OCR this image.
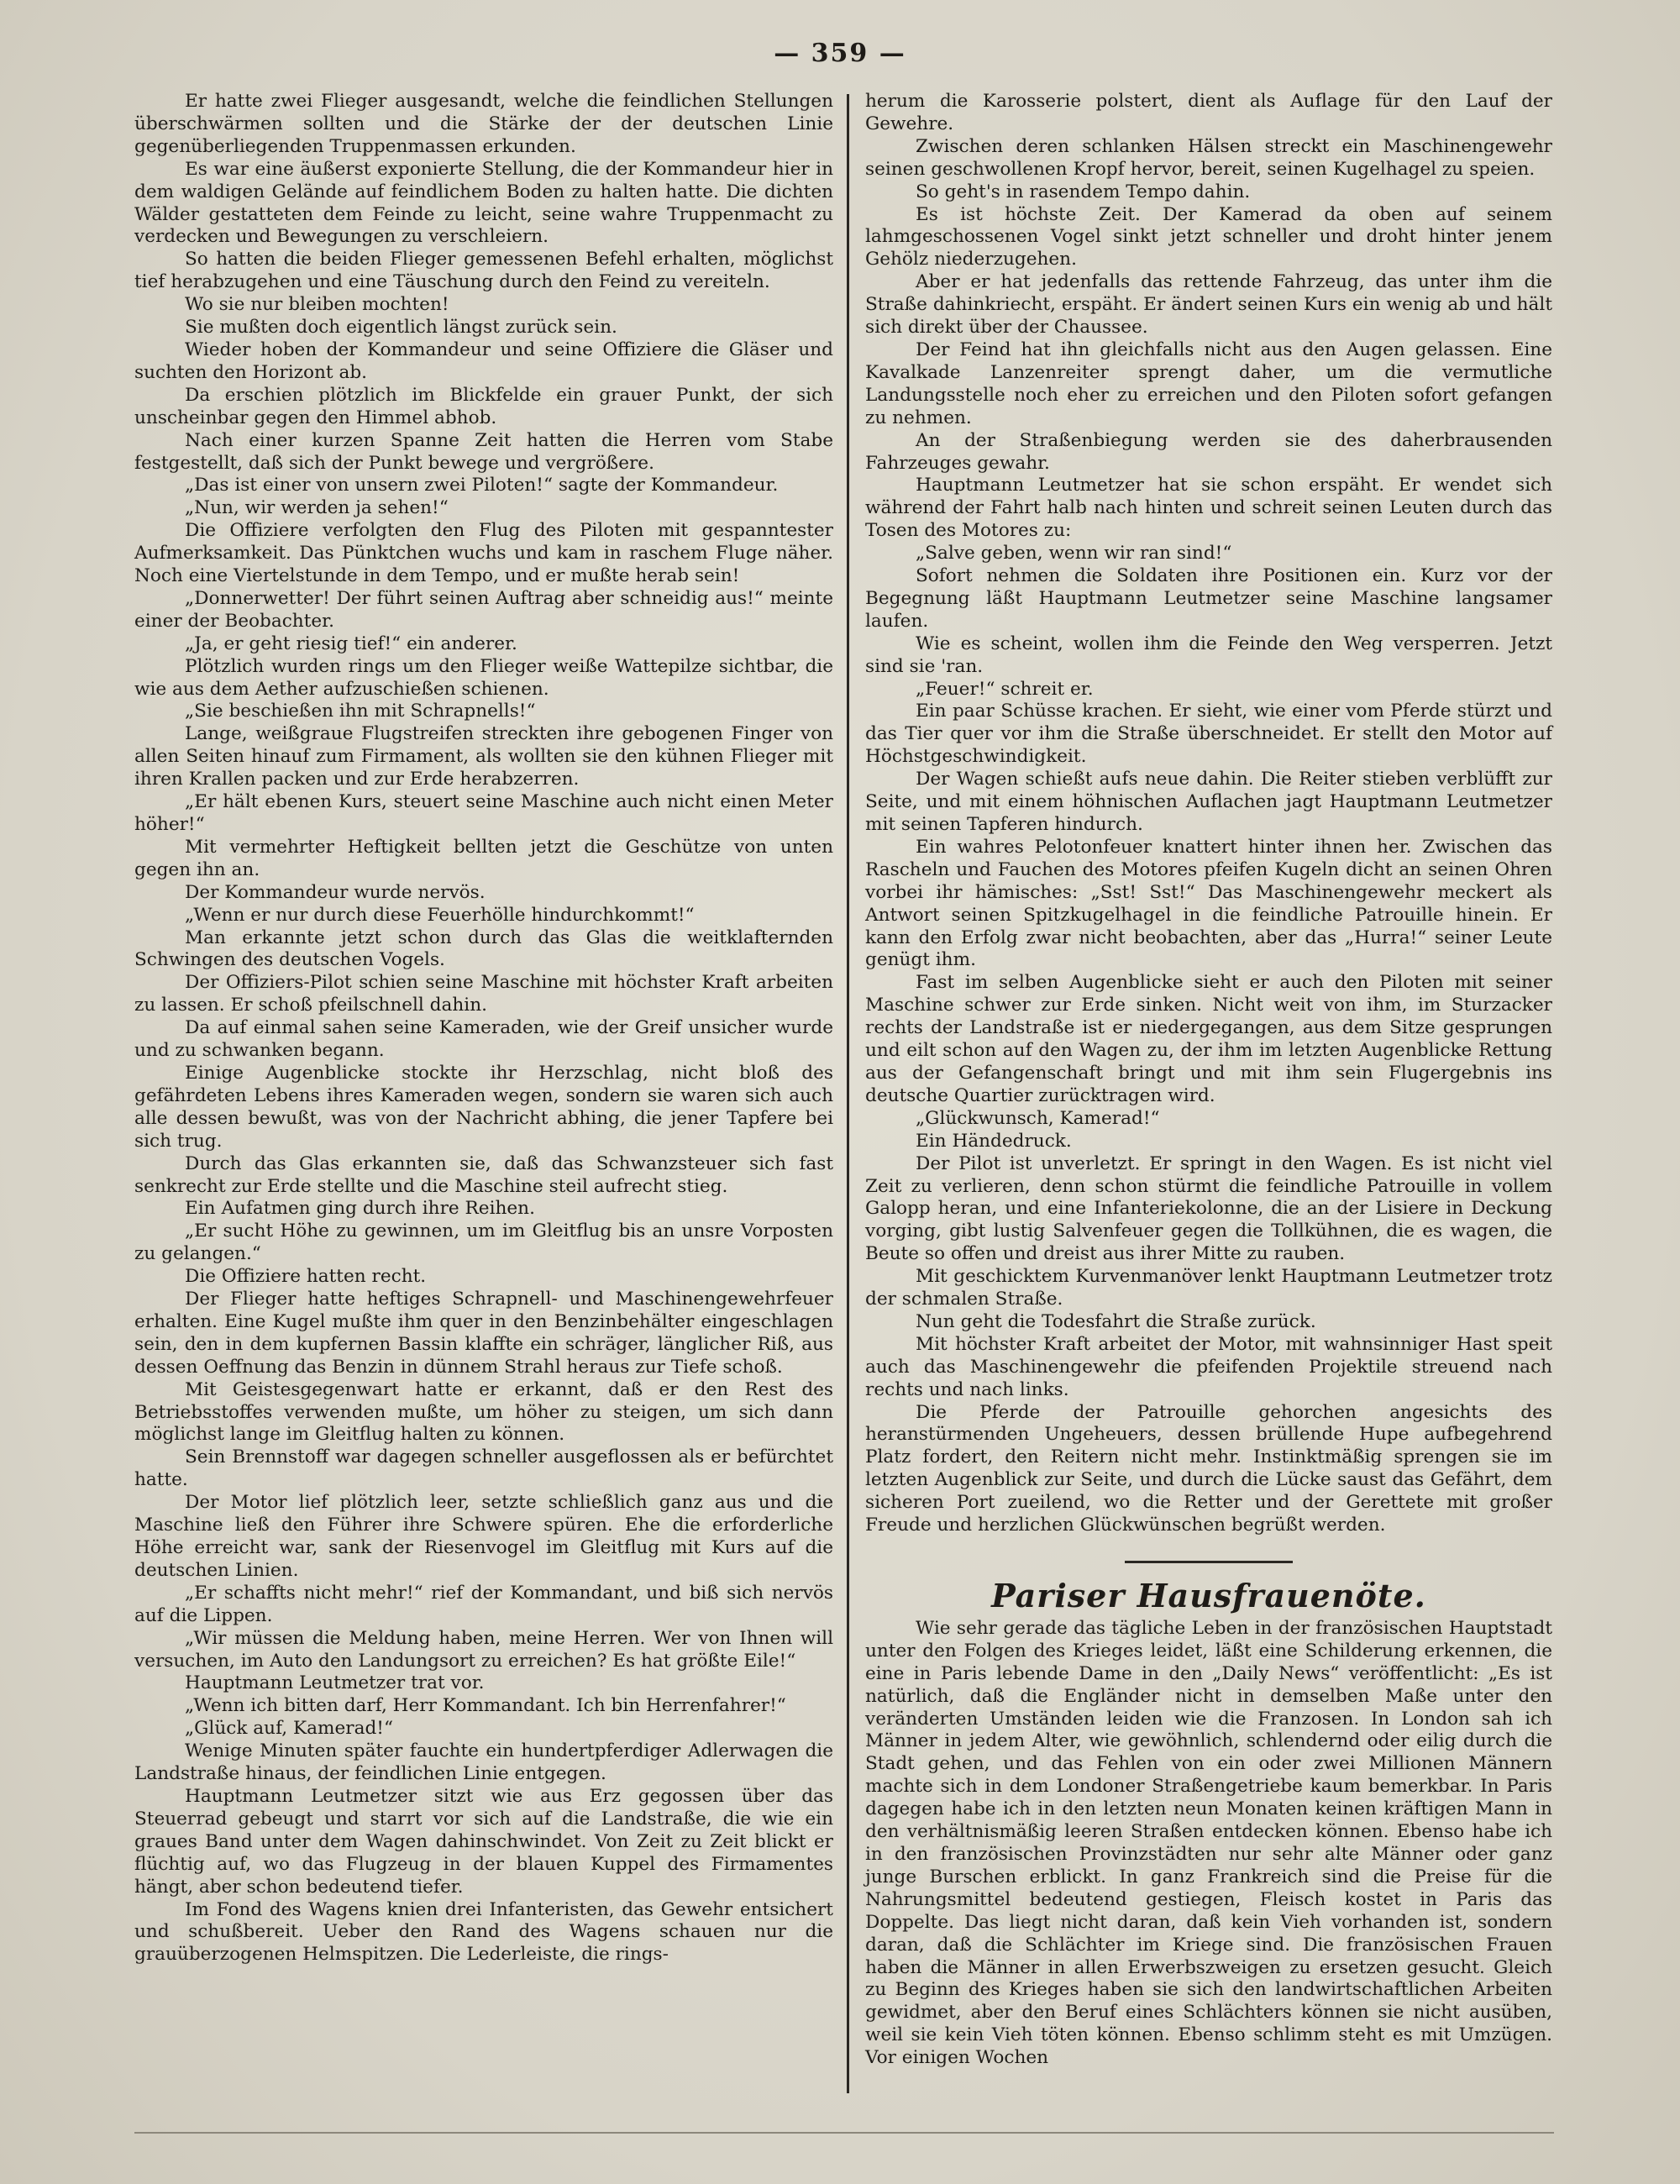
— 359 —

Er hatte zwei Flieger ausgesandt, welche die feindlichen Stellungen überschwärmen sollten und die Stärke der der deutschen Linie gegenüberliegenden Truppenmassen erkunden.

Es war eine äußerst exponierte Stellung, die der Kommandeur hier in dem waldigen Gelände auf feindlichem Boden zu halten hatte. Die dichten Wälder gestatteten dem Feinde zu leicht, seine wahre Truppenmacht zu verdecken und Bewegungen zu verschleiern.

So hatten die beiden Flieger gemessenen Befehl erhalten, möglichst tief herabzugehen und eine Täuschung durch den Feind zu vereiteln.

Wo sie nur bleiben mochten!

Sie mußten doch eigentlich längst zurück sein.

Wieder hoben der Kommandeur und seine Offiziere die Gläser und suchten den Horizont ab.

Da erschien plötzlich im Blickfelde ein grauer Punkt, der sich unscheinbar gegen den Himmel abhob.

Nach einer kurzen Spanne Zeit hatten die Herren vom Stabe festgestellt, daß sich der Punkt bewege und vergrößere.

„Das ist einer von unsern zwei Piloten!“ sagte der Kommandeur.

„Nun, wir werden ja sehen!“

Die Offiziere verfolgten den Flug des Piloten mit gespanntester Aufmerksamkeit. Das Pünktchen wuchs und kam in raschem Fluge näher. Noch eine Viertelstunde in dem Tempo, und er mußte herab sein!

„Donnerwetter! Der führt seinen Auftrag aber schneidig aus!“ meinte einer der Beobachter.

„Ja, er geht riesig tief!“ ein anderer.

Plötzlich wurden rings um den Flieger weiße Wattepilze sichtbar, die wie aus dem Aether aufzuschießen schienen.

„Sie beschießen ihn mit Schrapnells!“

Lange, weißgraue Flugstreifen streckten ihre gebogenen Finger von allen Seiten hinauf zum Firmament, als wollten sie den kühnen Flieger mit ihren Krallen packen und zur Erde herabzerren.

„Er hält ebenen Kurs, steuert seine Maschine auch nicht einen Meter höher!“

Mit vermehrter Heftigkeit bellten jetzt die Geschütze von unten gegen ihn an.

Der Kommandeur wurde nervös.

„Wenn er nur durch diese Feuerhölle hindurchkommt!“

Man erkannte jetzt schon durch das Glas die weitklafternden Schwingen des deutschen Vogels.

Der Offiziers-Pilot schien seine Maschine mit höchster Kraft arbeiten zu lassen. Er schoß pfeilschnell dahin.

Da auf einmal sahen seine Kameraden, wie der Greif unsicher wurde und zu schwanken begann.

Einige Augenblicke stockte ihr Herzschlag, nicht bloß des gefährdeten Lebens ihres Kameraden wegen, sondern sie waren sich auch alle dessen bewußt, was von der Nachricht abhing, die jener Tapfere bei sich trug.

Durch das Glas erkannten sie, daß das Schwanzsteuer sich fast senkrecht zur Erde stellte und die Maschine steil aufrecht stieg.

Ein Aufatmen ging durch ihre Reihen.

„Er sucht Höhe zu gewinnen, um im Gleitflug bis an unsre Vorposten zu gelangen.“

Die Offiziere hatten recht.

Der Flieger hatte heftiges Schrapnell- und Maschinengewehrfeuer erhalten. Eine Kugel mußte ihm quer in den Benzinbehälter eingeschlagen sein, den in dem kupfernen Bassin klaffte ein schräger, länglicher Riß, aus dessen Oeffnung das Benzin in dünnem Strahl heraus zur Tiefe schoß.

Mit Geistesgegenwart hatte er erkannt, daß er den Rest des Betriebsstoffes verwenden mußte, um höher zu steigen, um sich dann möglichst lange im Gleitflug halten zu können.

Sein Brennstoff war dagegen schneller ausgeflossen als er befürchtet hatte.

Der Motor lief plötzlich leer, setzte schließlich ganz aus und die Maschine ließ den Führer ihre Schwere spüren. Ehe die erforderliche Höhe erreicht war, sank der Riesenvogel im Gleitflug mit Kurs auf die deutschen Linien.

„Er schaffts nicht mehr!“ rief der Kommandant, und biß sich nervös auf die Lippen.

„Wir müssen die Meldung haben, meine Herren. Wer von Ihnen will versuchen, im Auto den Landungsort zu erreichen? Es hat größte Eile!“

Hauptmann Leutmetzer trat vor.

„Wenn ich bitten darf, Herr Kommandant. Ich bin Herrenfahrer!“

„Glück auf, Kamerad!“

Wenige Minuten später fauchte ein hundertpferdiger Adlerwagen die Landstraße hinaus, der feindlichen Linie entgegen.

Hauptmann Leutmetzer sitzt wie aus Erz gegossen über das Steuerrad gebeugt und starrt vor sich auf die Landstraße, die wie ein graues Band unter dem Wagen dahinschwindet. Von Zeit zu Zeit blickt er flüchtig auf, wo das Flugzeug in der blauen Kuppel des Firmamentes hängt, aber schon bedeutend tiefer.

Im Fond des Wagens knien drei Infanteristen, das Gewehr entsichert und schußbereit. Ueber den Rand des Wagens schauen nur die grauüberzogenen Helmspitzen. Die Lederleiste, die rings-

herum die Karosserie polstert, dient als Auflage für den Lauf der Gewehre.

Zwischen deren schlanken Hälsen streckt ein Maschinengewehr seinen geschwollenen Kropf hervor, bereit, seinen Kugelhagel zu speien.

So geht's in rasendem Tempo dahin.

Es ist höchste Zeit. Der Kamerad da oben auf seinem lahmgeschossenen Vogel sinkt jetzt schneller und droht hinter jenem Gehölz niederzugehen.

Aber er hat jedenfalls das rettende Fahrzeug, das unter ihm die Straße dahinkriecht, erspäht. Er ändert seinen Kurs ein wenig ab und hält sich direkt über der Chaussee.

Der Feind hat ihn gleichfalls nicht aus den Augen gelassen. Eine Kavalkade Lanzenreiter sprengt daher, um die vermutliche Landungsstelle noch eher zu erreichen und den Piloten sofort gefangen zu nehmen.

An der Straßenbiegung werden sie des daherbrausenden Fahrzeuges gewahr.

Hauptmann Leutmetzer hat sie schon erspäht. Er wendet sich während der Fahrt halb nach hinten und schreit seinen Leuten durch das Tosen des Motores zu:

„Salve geben, wenn wir ran sind!“

Sofort nehmen die Soldaten ihre Positionen ein. Kurz vor der Begegnung läßt Hauptmann Leutmetzer seine Maschine langsamer laufen.

Wie es scheint, wollen ihm die Feinde den Weg versperren. Jetzt sind sie 'ran.

„Feuer!“ schreit er.

Ein paar Schüsse krachen. Er sieht, wie einer vom Pferde stürzt und das Tier quer vor ihm die Straße überschneidet. Er stellt den Motor auf Höchstgeschwindigkeit.

Der Wagen schießt aufs neue dahin. Die Reiter stieben verblüfft zur Seite, und mit einem höhnischen Auflachen jagt Hauptmann Leutmetzer mit seinen Tapferen hindurch.

Ein wahres Pelotonfeuer knattert hinter ihnen her. Zwischen das Rascheln und Fauchen des Motores pfeifen Kugeln dicht an seinen Ohren vorbei ihr hämisches: „Sst! Sst!“ Das Maschinengewehr meckert als Antwort seinen Spitzkugelhagel in die feindliche Patrouille hinein. Er kann den Erfolg zwar nicht beobachten, aber das „Hurra!“ seiner Leute genügt ihm.

Fast im selben Augenblicke sieht er auch den Piloten mit seiner Maschine schwer zur Erde sinken. Nicht weit von ihm, im Sturzacker rechts der Landstraße ist er niedergegangen, aus dem Sitze gesprungen und eilt schon auf den Wagen zu, der ihm im letzten Augenblicke Rettung aus der Gefangenschaft bringt und mit ihm sein Flugergebnis ins deutsche Quartier zurücktragen wird.

„Glückwunsch, Kamerad!“

Ein Händedruck.

Der Pilot ist unverletzt. Er springt in den Wagen. Es ist nicht viel Zeit zu verlieren, denn schon stürmt die feindliche Patrouille in vollem Galopp heran, und eine Infanteriekolonne, die an der Lisiere in Deckung vorging, gibt lustig Salvenfeuer gegen die Tollkühnen, die es wagen, die Beute so offen und dreist aus ihrer Mitte zu rauben.

Mit geschicktem Kurvenmanöver lenkt Hauptmann Leutmetzer trotz der schmalen Straße.

Nun geht die Todesfahrt die Straße zurück.

Mit höchster Kraft arbeitet der Motor, mit wahnsinniger Hast speit auch das Maschinengewehr die pfeifenden Projektile streuend nach rechts und nach links.

Die Pferde der Patrouille gehorchen angesichts des heranstürmenden Ungeheuers, dessen brüllende Hupe aufbegehrend Platz fordert, den Reitern nicht mehr. Instinktmäßig sprengen sie im letzten Augenblick zur Seite, und durch die Lücke saust das Gefährt, dem sicheren Port zueilend, wo die Retter und der Gerettete mit großer Freude und herzlichen Glückwünschen begrüßt werden.

Pariser Hausfrauenöte.

Wie sehr gerade das tägliche Leben in der französischen Hauptstadt unter den Folgen des Krieges leidet, läßt eine Schilderung erkennen, die eine in Paris lebende Dame in den „Daily News“ veröffentlicht: „Es ist natürlich, daß die Engländer nicht in demselben Maße unter den veränderten Umständen leiden wie die Franzosen. In London sah ich Männer in jedem Alter, wie gewöhnlich, schlendernd oder eilig durch die Stadt gehen, und das Fehlen von ein oder zwei Millionen Männern machte sich in dem Londoner Straßengetriebe kaum bemerkbar. In Paris dagegen habe ich in den letzten neun Monaten keinen kräftigen Mann in den verhältnismäßig leeren Straßen entdecken können. Ebenso habe ich in den französischen Provinzstädten nur sehr alte Männer oder ganz junge Burschen erblickt. In ganz Frankreich sind die Preise für die Nahrungsmittel bedeutend gestiegen, Fleisch kostet in Paris das Doppelte. Das liegt nicht daran, daß kein Vieh vorhanden ist, sondern daran, daß die Schlächter im Kriege sind. Die französischen Frauen haben die Männer in allen Erwerbszweigen zu ersetzen gesucht. Gleich zu Beginn des Krieges haben sie sich den landwirtschaftlichen Arbeiten gewidmet, aber den Beruf eines Schlächters können sie nicht ausüben, weil sie kein Vieh töten können. Ebenso schlimm steht es mit Umzügen. Vor einigen Wochen
